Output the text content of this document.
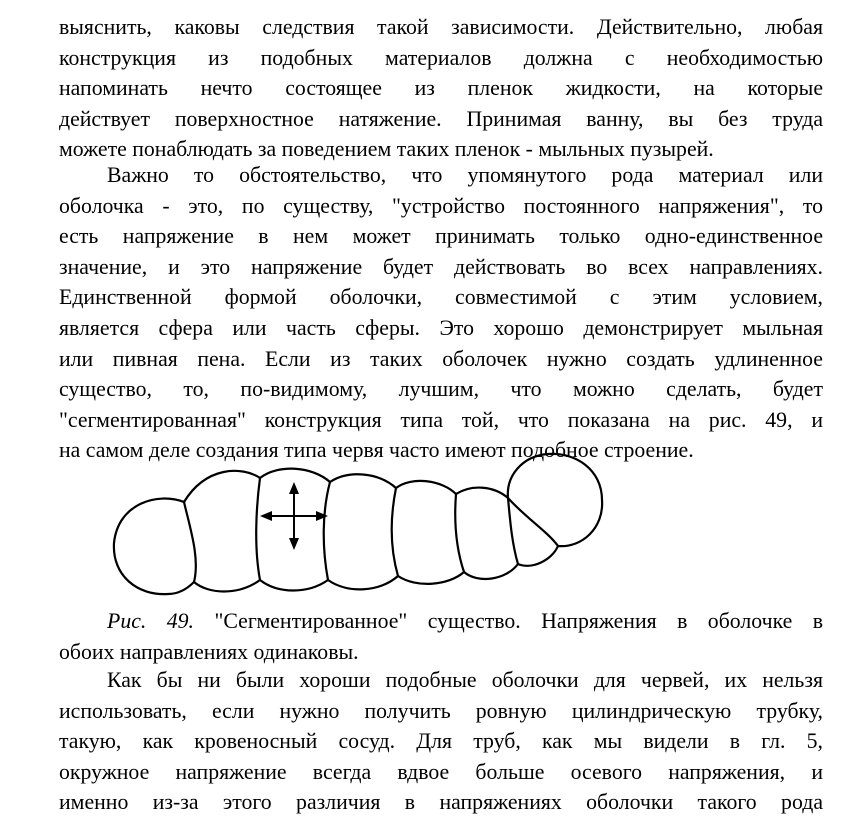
выяснить, каковы следствия такой зависимости. Действительно, любая
конструкция из подобных материалов должна с необходимостью
напоминать нечто состоящее из пленок жидкости, на которые
действует поверхностное натяжение. Принимая ванну, вы без труда
можете понаблюдать за поведением таких пленок - мыльных пузырей.
Важно то обстоятельство, что упомянутого рода материал или
оболочка - это, по существу, "устройство постоянного напряжения", то
есть напряжение в нем может принимать только одно-единственное
значение, и это напряжение будет действовать во всех направлениях.
Единственной формой оболочки, совместимой с этим условием,
является сфера или часть сферы. Это хорошо демонстрирует мыльная
или пивная пена. Если из таких оболочек нужно создать удлиненное
существо, то, по-видимому, лучшим, что можно сделать, будет
"сегментированная" конструкция типа той, что показана на рис. 49, и
на самом деле создания типа червя часто имеют подобное строение.
Рис. 49. "Сегментированное" существо. Напряжения в оболочке в
обоих направлениях одинаковы.
Как бы ни были хороши подобные оболочки для червей, их нельзя
использовать, если нужно получить ровную цилиндрическую трубку,
такую, как кровеносный сосуд. Для труб, как мы видели в гл. 5,
окружное напряжение всегда вдвое больше осевого напряжения, и
именно из-за этого различия в напряжениях оболочки такого рода
